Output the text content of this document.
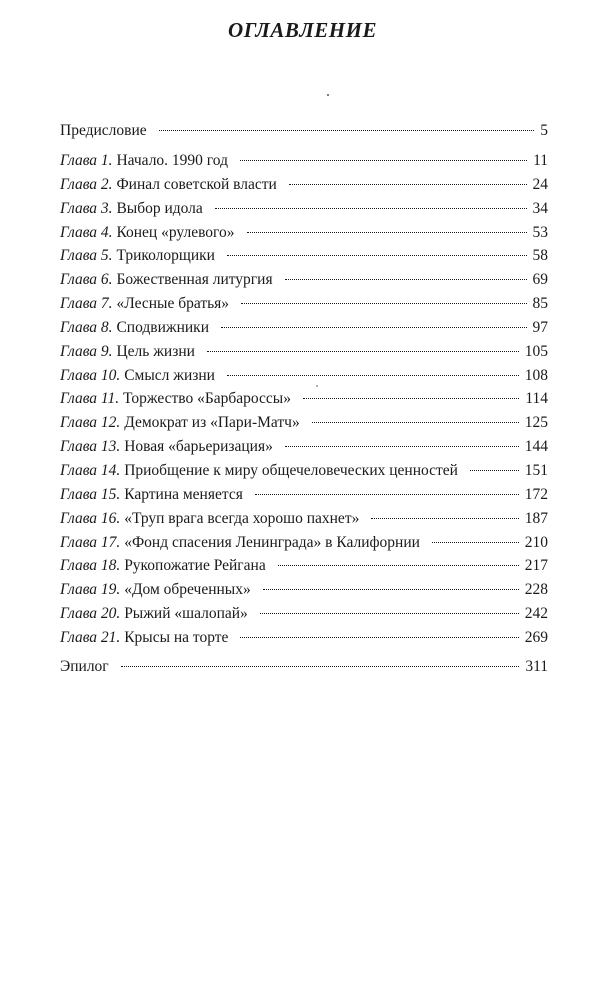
ОГЛАВЛЕНИЕ
Предисловие	5
Глава 1. Начало. 1990 год	11
Глава 2. Финал советской власти	24
Глава 3. Выбор идола	34
Глава 4. Конец «рулевого»	53
Глава 5. Триколорщики	58
Глава 6. Божественная литургия	69
Глава 7. «Лесные братья»	85
Глава 8. Сподвижники	97
Глава 9. Цель жизни	105
Глава 10. Смысл жизни	108
Глава 11. Торжество «Барбароссы»	114
Глава 12. Демократ из «Пари-Матч»	125
Глава 13. Новая «барьеризация»	144
Глава 14. Приобщение к миру общечеловеческих ценностей	151
Глава 15. Картина меняется	172
Глава 16. «Труп врага всегда хорошо пахнет»	187
Глава 17. «Фонд спасения Ленинграда» в Калифорнии	210
Глава 18. Рукопожатие Рейгана	217
Глава 19. «Дом обреченных»	228
Глава 20. Рыжий «шалопай»	242
Глава 21. Крысы на торте	269
Эпилог	311
